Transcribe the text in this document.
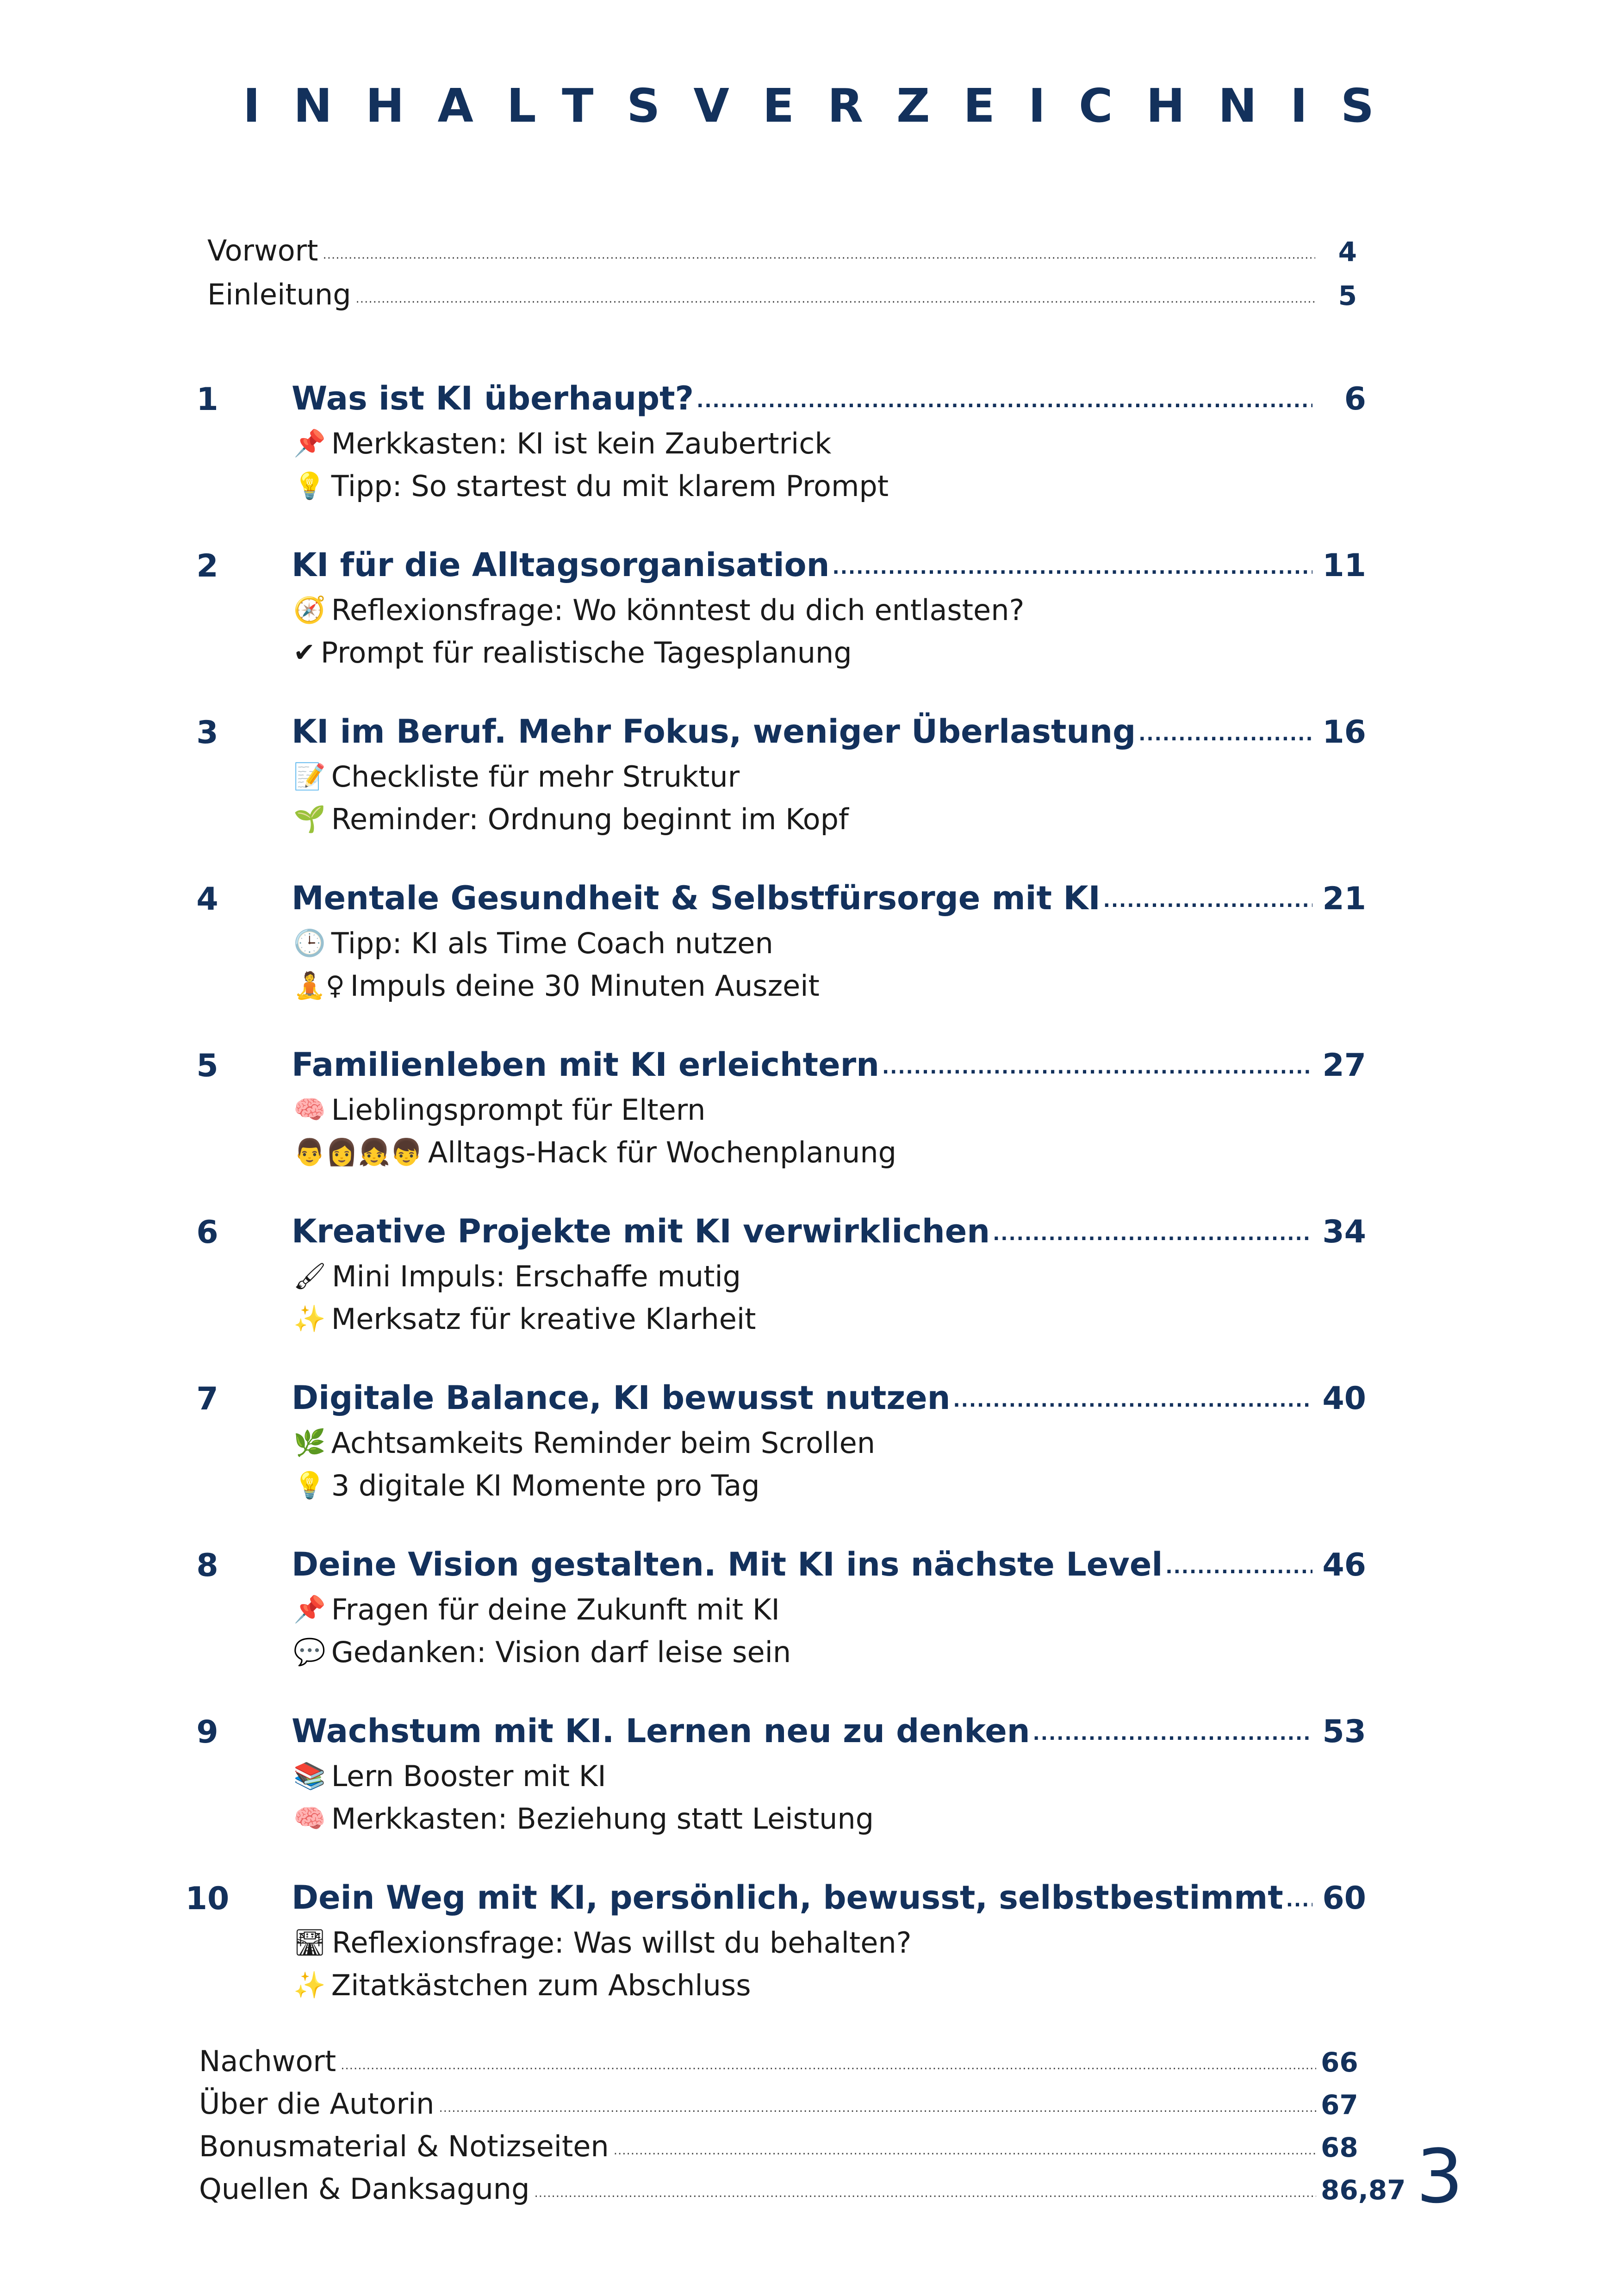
INHALTSVERZEICHNIS
Vorwort .....	4
Einleitung .....	5
1	Was ist KI überhaupt? .....	6
📌 Merkkasten: KI ist kein Zaubertrick
💡 Tipp: So startest du mit klarem Prompt
2	KI für die Alltagsorganisation .....	11
🧭 Reflexionsfrage: Wo könntest du dich entlasten?
✔ Prompt für realistische Tagesplanung
3	KI im Beruf. Mehr Fokus, weniger Überlastung .....	16
📝 Checkliste für mehr Struktur
🌱 Reminder: Ordnung beginnt im Kopf
4	Mentale Gesundheit & Selbstfürsorge mit KI .....	21
🕒 Tipp: KI als Time Coach nutzen
🧘♀ Impuls deine 30 Minuten Auszeit
5	Familienleben mit KI erleichtern .....	27
🧠 Lieblingsprompt für Eltern
👨👩👧👦 Alltags-Hack für Wochenplanung
6	Kreative Projekte mit KI verwirklichen .....	34
🖌 Mini Impuls: Erschaffe mutig
✨ Merksatz für kreative Klarheit
7	Digitale Balance, KI bewusst nutzen .....	40
🌿 Achtsamkeits Reminder beim Scrollen
💡 3 digitale KI Momente pro Tag
8	Deine Vision gestalten. Mit KI ins nächste Level .....	46
📌 Fragen für deine Zukunft mit KI
💬 Gedanken: Vision darf leise sein
9	Wachstum mit KI. Lernen neu zu denken .....	53
📚 Lern Booster mit KI
🧠 Merkkasten: Beziehung statt Leistung
10	Dein Weg mit KI, persönlich, bewusst, selbstbestimmt ..... 60
🛣 Reflexionsfrage: Was willst du behalten?
✨ Zitatkästchen zum Abschluss
Nachwort .....	66
Über die Autorin .....	67
Bonusmaterial & Notizseiten .....	68
Quellen & Danksagung .....	86,87 3
